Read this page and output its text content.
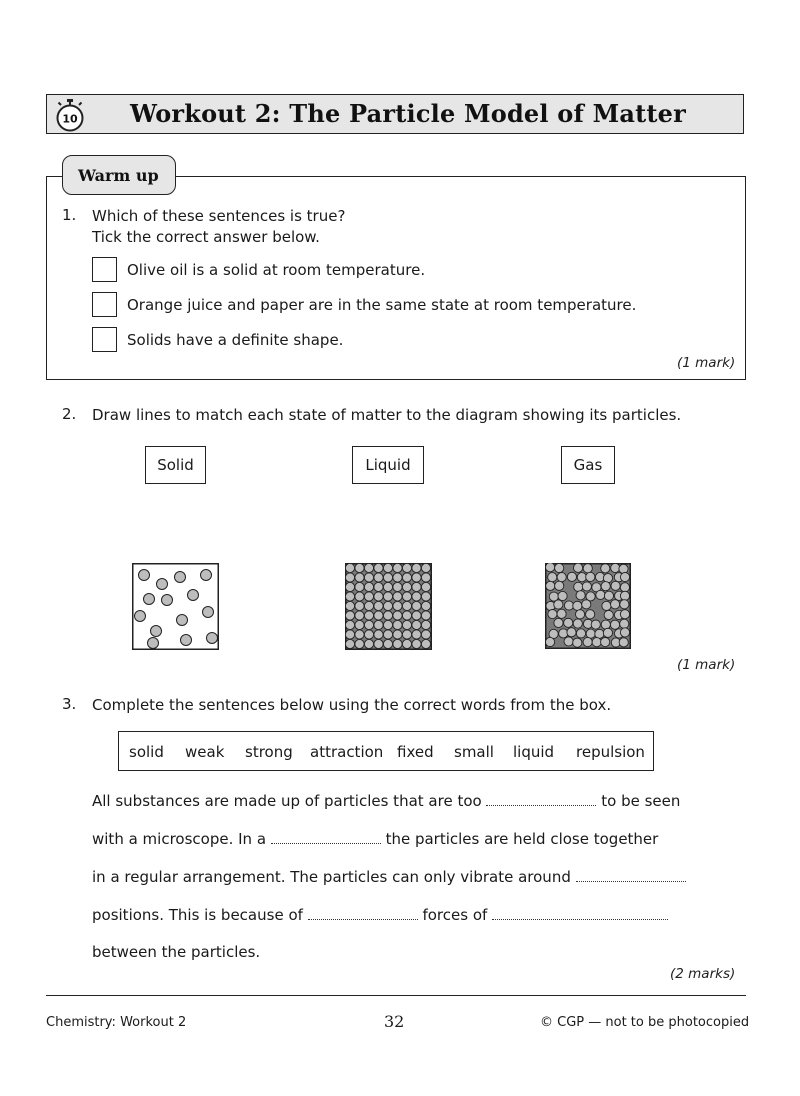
10 Workout 2: The Particle Model of Matter
Warm up
1. Which of these sentences is true?
Tick the correct answer below.
Olive oil is a solid at room temperature.
Orange juice and paper are in the same state at room temperature.
Solids have a definite shape.
(1 mark)
2. Draw lines to match each state of matter to the diagram showing its particles.
Solid	Liquid	Gas
(1 mark)
3. Complete the sentences below using the correct words from the box.
solid weak strong attraction fixed small liquid repulsion
All substances are made up of particles that are too	to be seen
with a microscope. In a	the particles are held close together
in a regular arrangement. The particles can only vibrate around
positions. This is because of	forces of
between the particles.
(2 marks)
Chemistry: Workout 2	32	© CGP — not to be photocopied
